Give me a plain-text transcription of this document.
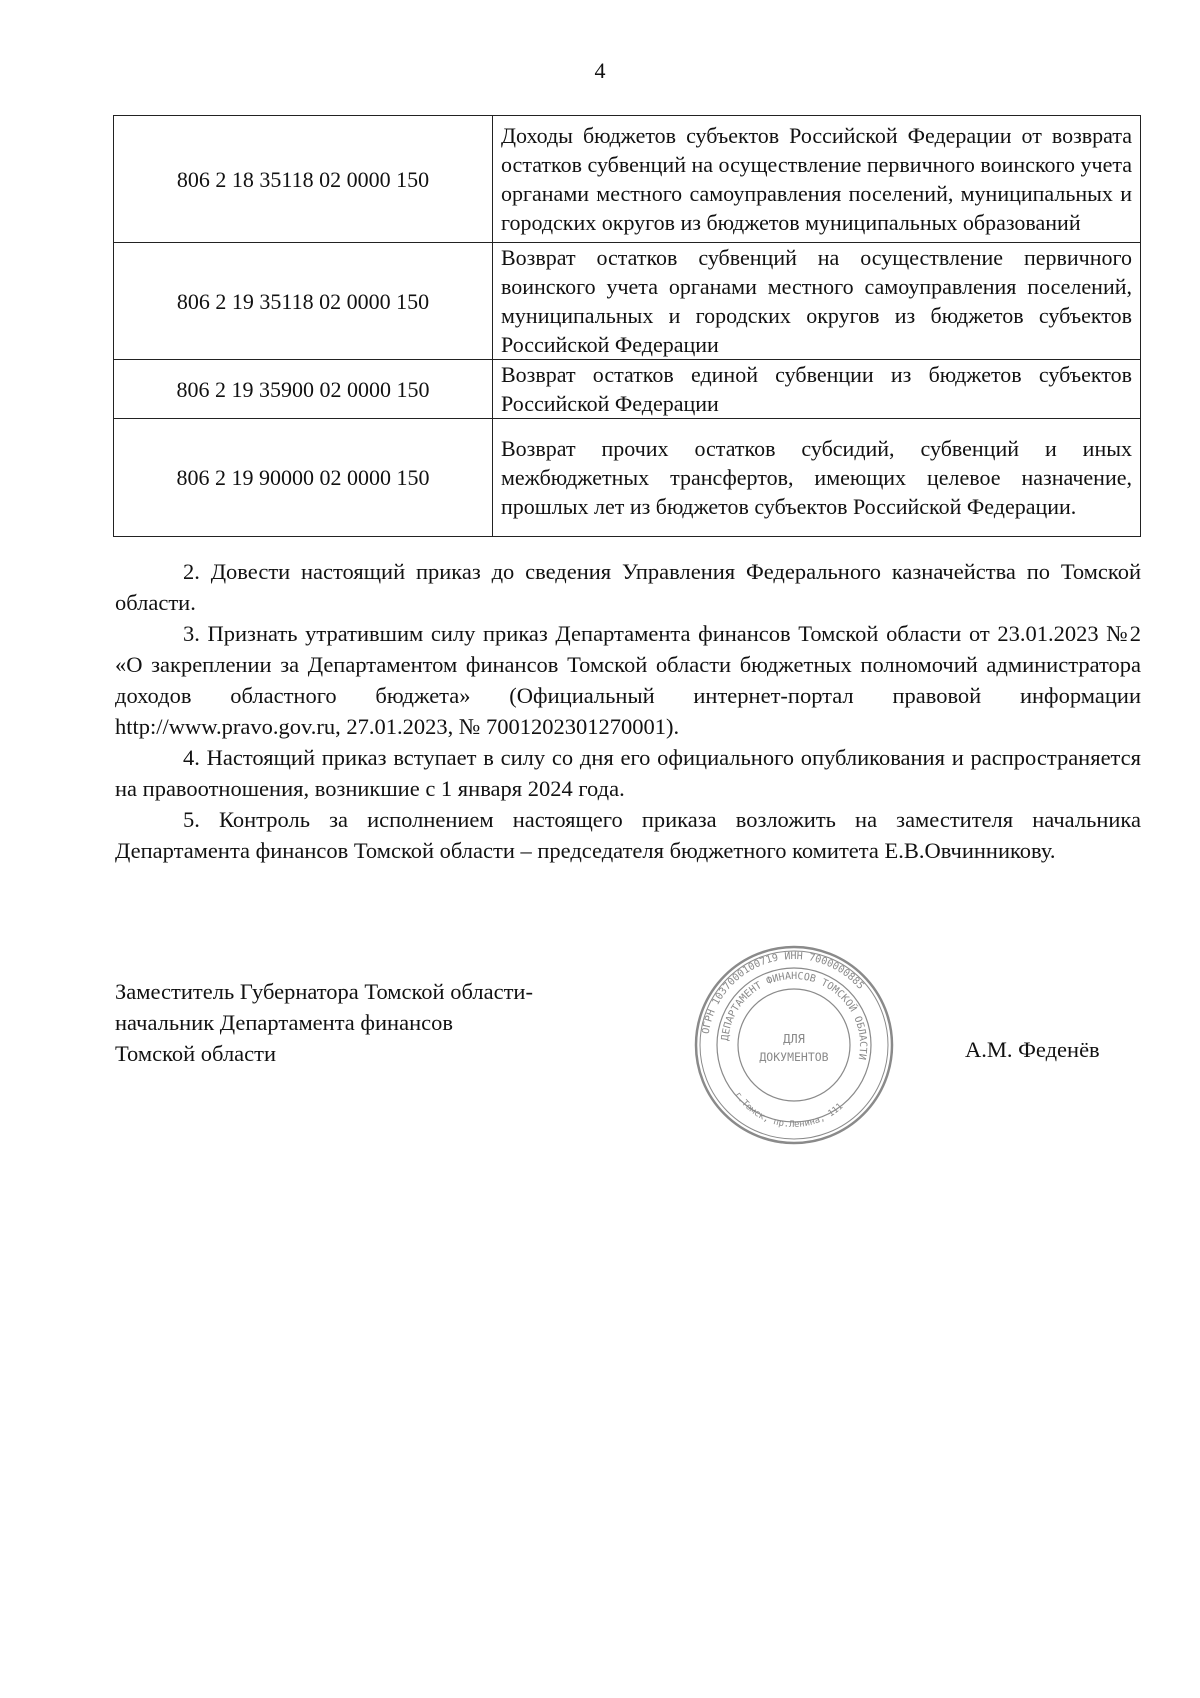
4
806 2 18 35118 02 0000 150	Доходы бюджетов субъектов Российской Федерации от возврата остатков субвенций на осуществление первичного воинского учета органами местного самоуправления поселений, муниципальных и городских округов из бюджетов муниципальных образований
806 2 19 35118 02 0000 150	Возврат остатков субвенций на осуществление первичного воинского учета органами местного самоуправления поселений, муниципальных и городских округов из бюджетов субъектов Российской Федерации
806 2 19 35900 02 0000 150	Возврат остатков единой субвенции из бюджетов субъектов Российской Федерации
806 2 19 90000 02 0000 150	Возврат прочих остатков субсидий, субвенций и иных межбюджетных трансфертов, имеющих целевое назначение, прошлых лет из бюджетов субъектов Российской Федерации.

2. Довести настоящий приказ до сведения Управления Федерального казначейства по Томской области.

3. Признать утратившим силу приказ Департамента финансов Томской области от 23.01.2023 №2 «О закреплении за Департаментом финансов Томской области бюджетных полномочий администратора доходов областного бюджета» (Официальный интернет-портал правовой информации http://www.pravo.gov.ru, 27.01.2023, № 7001202301270001).

4. Настоящий приказ вступает в силу со дня его официального опубликования и распространяется на правоотношения, возникшие с 1 января 2024 года.

5. Контроль за исполнением настоящего приказа возложить на заместителя начальника Департамента финансов Томской области – председателя бюджетного комитета Е.В.Овчинникову.

Заместитель Губернатора Томской области-
начальник Департамента финансов
Томской области
ОГРН 1037000100719 ИНН 7000000885
ДЕПАРТАМЕНТ ФИНАНСОВ ТОМСКОЙ ОБЛАСТИ
г.Томск, пр.Ленина, 111
ДЛЯ
ДОКУМЕНТОВ	А.М. Феденёв
